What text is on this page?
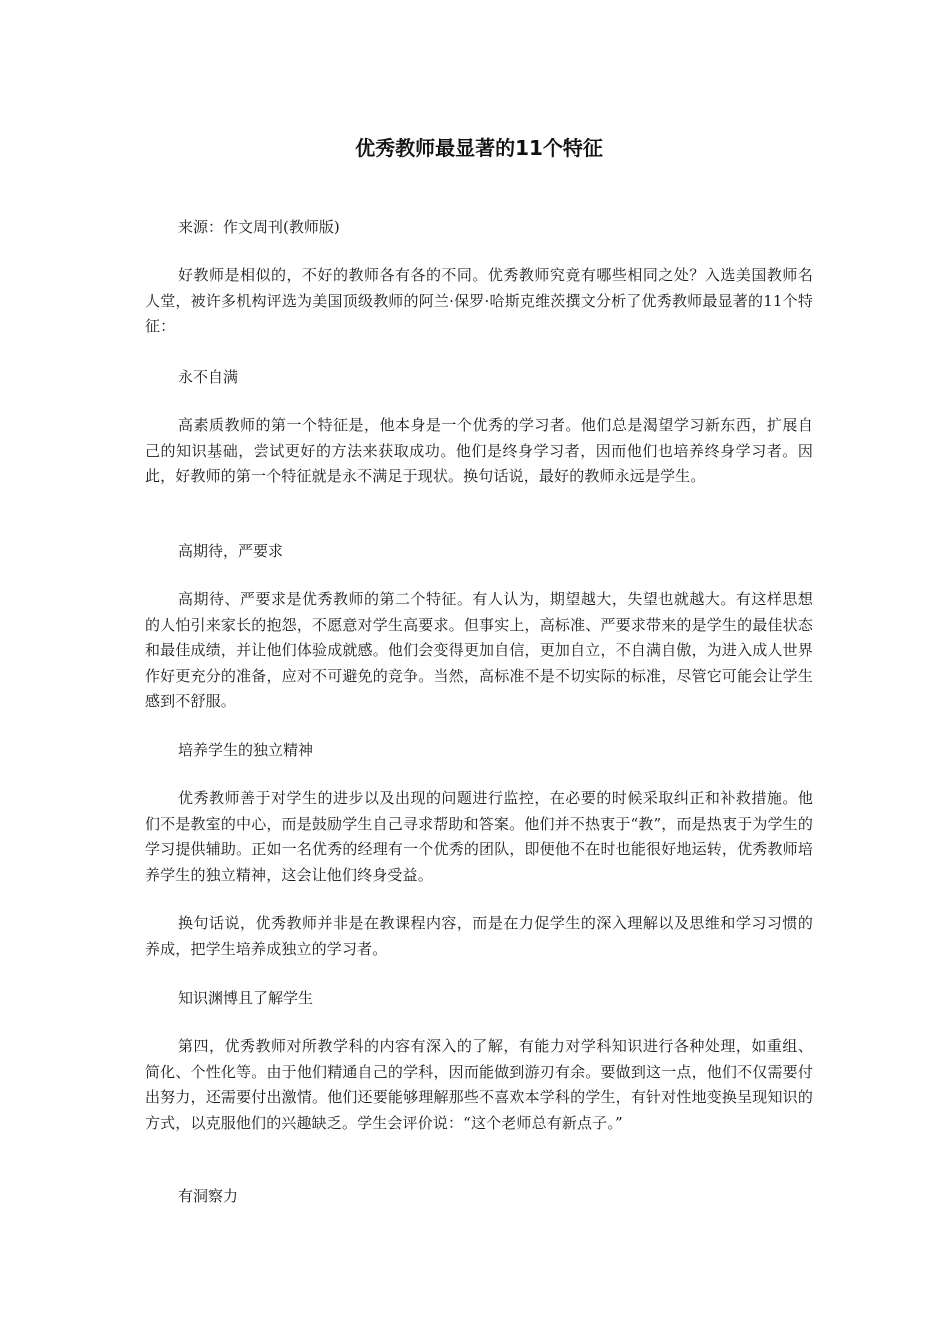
优秀教师最显著的11个特征

来源：作文周刊(教师版)

好教师是相似的，不好的教师各有各的不同。优秀教师究竟有哪些相同之处？入选美国教师名人堂，被许多机构评选为美国顶级教师的阿兰·保罗·哈斯克维茨撰文分析了优秀教师最显著的11个特征：

永不自满

高素质教师的第一个特征是，他本身是一个优秀的学习者。他们总是渴望学习新东西，扩展自己的知识基础，尝试更好的方法来获取成功。他们是终身学习者，因而他们也培养终身学习者。因此，好教师的第一个特征就是永不满足于现状。换句话说，最好的教师永远是学生。

高期待，严要求

高期待、严要求是优秀教师的第二个特征。有人认为，期望越大，失望也就越大。有这样思想的人怕引来家长的抱怨，不愿意对学生高要求。但事实上，高标准、严要求带来的是学生的最佳状态和最佳成绩，并让他们体验成就感。他们会变得更加自信，更加自立，不自满自傲，为进入成人世界作好更充分的准备，应对不可避免的竞争。当然，高标准不是不切实际的标准，尽管它可能会让学生感到不舒服。

培养学生的独立精神

优秀教师善于对学生的进步以及出现的问题进行监控，在必要的时候采取纠正和补救措施。他们不是教室的中心，而是鼓励学生自己寻求帮助和答案。他们并不热衷于“教”，而是热衷于为学生的学习提供辅助。正如一名优秀的经理有一个优秀的团队，即便他不在时也能很好地运转，优秀教师培养学生的独立精神，这会让他们终身受益。

换句话说，优秀教师并非是在教课程内容，而是在力促学生的深入理解以及思维和学习习惯的养成，把学生培养成独立的学习者。

知识渊博且了解学生

第四，优秀教师对所教学科的内容有深入的了解，有能力对学科知识进行各种处理，如重组、简化、个性化等。由于他们精通自己的学科，因而能做到游刃有余。要做到这一点，他们不仅需要付出努力，还需要付出激情。他们还要能够理解那些不喜欢本学科的学生，有针对性地变换呈现知识的方式，以克服他们的兴趣缺乏。学生会评价说：“这个老师总有新点子。”

有洞察力
